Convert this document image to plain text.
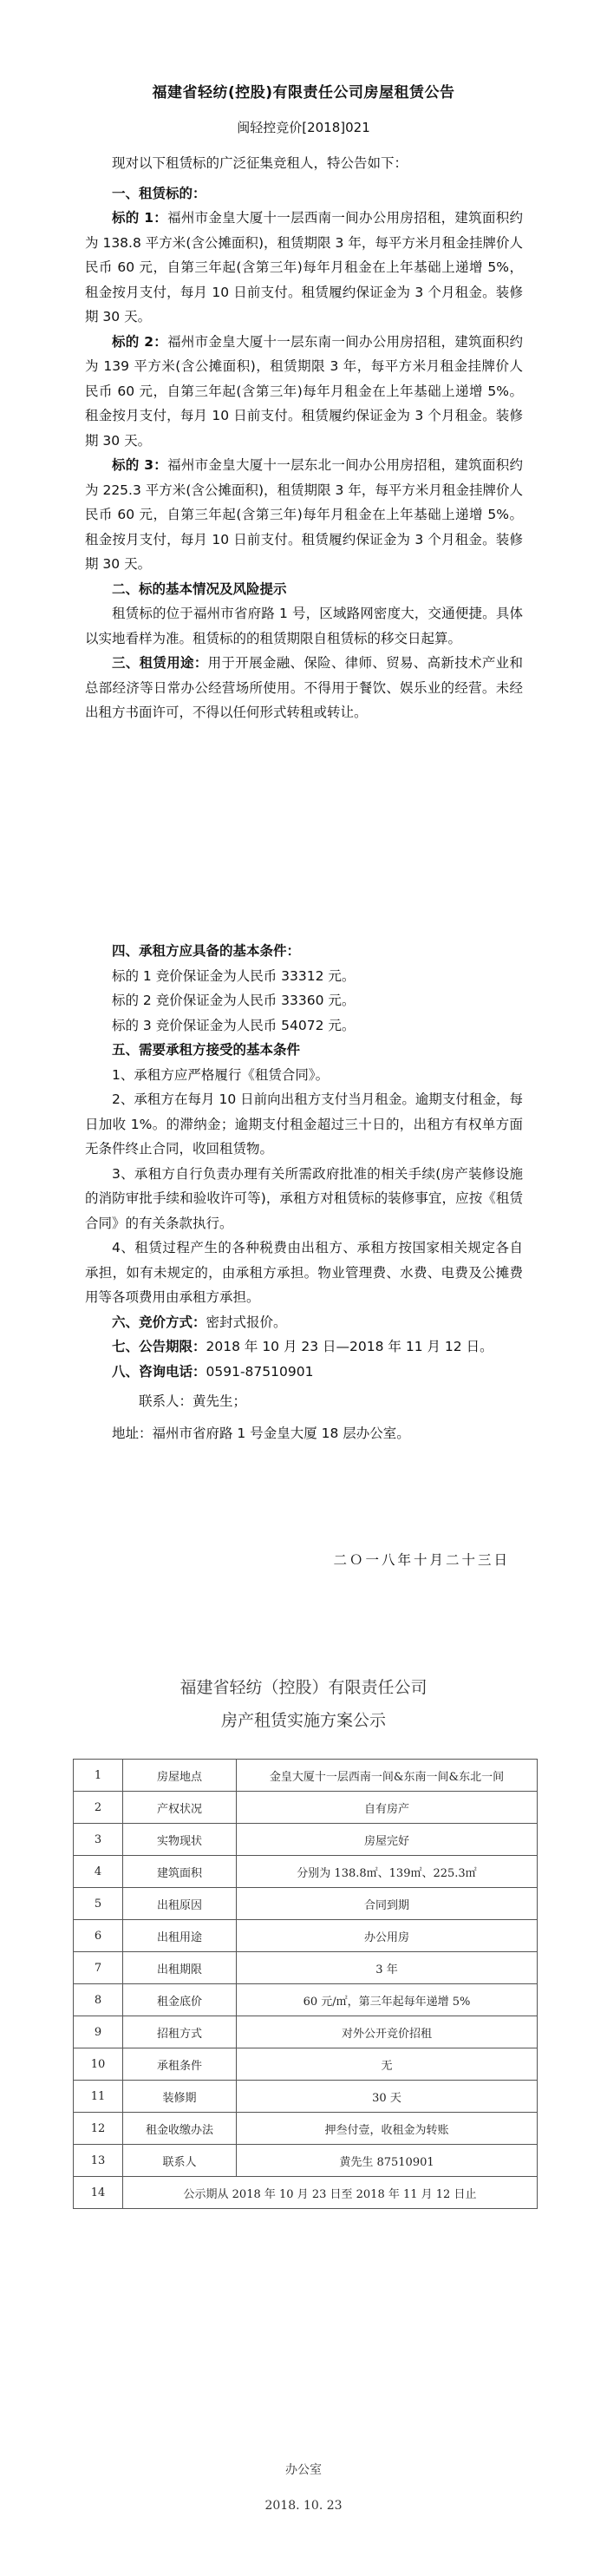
福建省轻纺(控股)有限责任公司房屋租赁公告
闽轻控竞价[2018]021

现对以下租赁标的广泛征集竞租人，特公告如下：

一、租赁标的：

标的 1：福州市金皇大厦十一层西南一间办公用房招租，建筑面积约为 138.8 平方米(含公摊面积)，租赁期限 3 年，每平方米月租金挂牌价人民币 60 元，自第三年起(含第三年)每年月租金在上年基础上递增 5%，租金按月支付，每月 10 日前支付。租赁履约保证金为 3 个月租金。装修期 30 天。

标的 2：福州市金皇大厦十一层东南一间办公用房招租，建筑面积约为 139 平方米(含公摊面积)，租赁期限 3 年，每平方米月租金挂牌价人民币 60 元，自第三年起(含第三年)每年月租金在上年基础上递增 5%。租金按月支付，每月 10 日前支付。租赁履约保证金为 3 个月租金。装修期 30 天。

标的 3：福州市金皇大厦十一层东北一间办公用房招租，建筑面积约为 225.3 平方米(含公摊面积)，租赁期限 3 年，每平方米月租金挂牌价人民币 60 元，自第三年起(含第三年)每年月租金在上年基础上递增 5%。租金按月支付，每月 10 日前支付。租赁履约保证金为 3 个月租金。装修期 30 天。

二、标的基本情况及风险提示

租赁标的位于福州市省府路 1 号，区域路网密度大，交通便捷。具体以实地看样为准。租赁标的的租赁期限自租赁标的移交日起算。

三、租赁用途：用于开展金融、保险、律师、贸易、高新技术产业和总部经济等日常办公经营场所使用。不得用于餐饮、娱乐业的经营。未经出租方书面许可，不得以任何形式转租或转让。

四、承租方应具备的基本条件：

标的 1 竞价保证金为人民币 33312 元。

标的 2 竞价保证金为人民币 33360 元。

标的 3 竞价保证金为人民币 54072 元。

五、需要承租方接受的基本条件

1、承租方应严格履行《租赁合同》。

2、承租方在每月 10 日前向出租方支付当月租金。逾期支付租金，每日加收 1%。的滞纳金；逾期支付租金超过三十日的，出租方有权单方面无条件终止合同，收回租赁物。

3、承租方自行负责办理有关所需政府批准的相关手续(房产装修设施的消防审批手续和验收许可等)，承租方对租赁标的装修事宜，应按《租赁合同》的有关条款执行。

4、租赁过程产生的各种税费由出租方、承租方按国家相关规定各自承担，如有未规定的，由承租方承担。物业管理费、水费、电费及公摊费用等各项费用由承租方承担。

六、竞价方式：密封式报价。

七、公告期限：2018 年 10 月 23 日—2018 年 11 月 12 日。

八、咨询电话：0591-87510901

联系人：黄先生；

地址：福州市省府路 1 号金皇大厦 18 层办公室。

二Ｏ一八年十月二十三日
福建省轻纺（控股）有限责任公司
房产租赁实施方案公示
1	房屋地点	金皇大厦十一层西南一间&东南一间&东北一间
2	产权状况	自有房产
3	实物现状	房屋完好
4	建筑面积	分别为 138.8㎡、139㎡、225.3㎡
5	出租原因	合同到期
6	出租用途	办公用房
7	出租期限	3 年
8	租金底价	60 元/㎡，第三年起每年递增 5%
9	招租方式	对外公开竞价招租
10	承租条件	无
11	装修期	30 天
12	租金收缴办法	押叁付壹，收租金为转账
13	联系人	黄先生 87510901
14	公示期从 2018 年 10 月 23 日至 2018 年 11 月 12 日止	
办公室
2018. 10. 23
